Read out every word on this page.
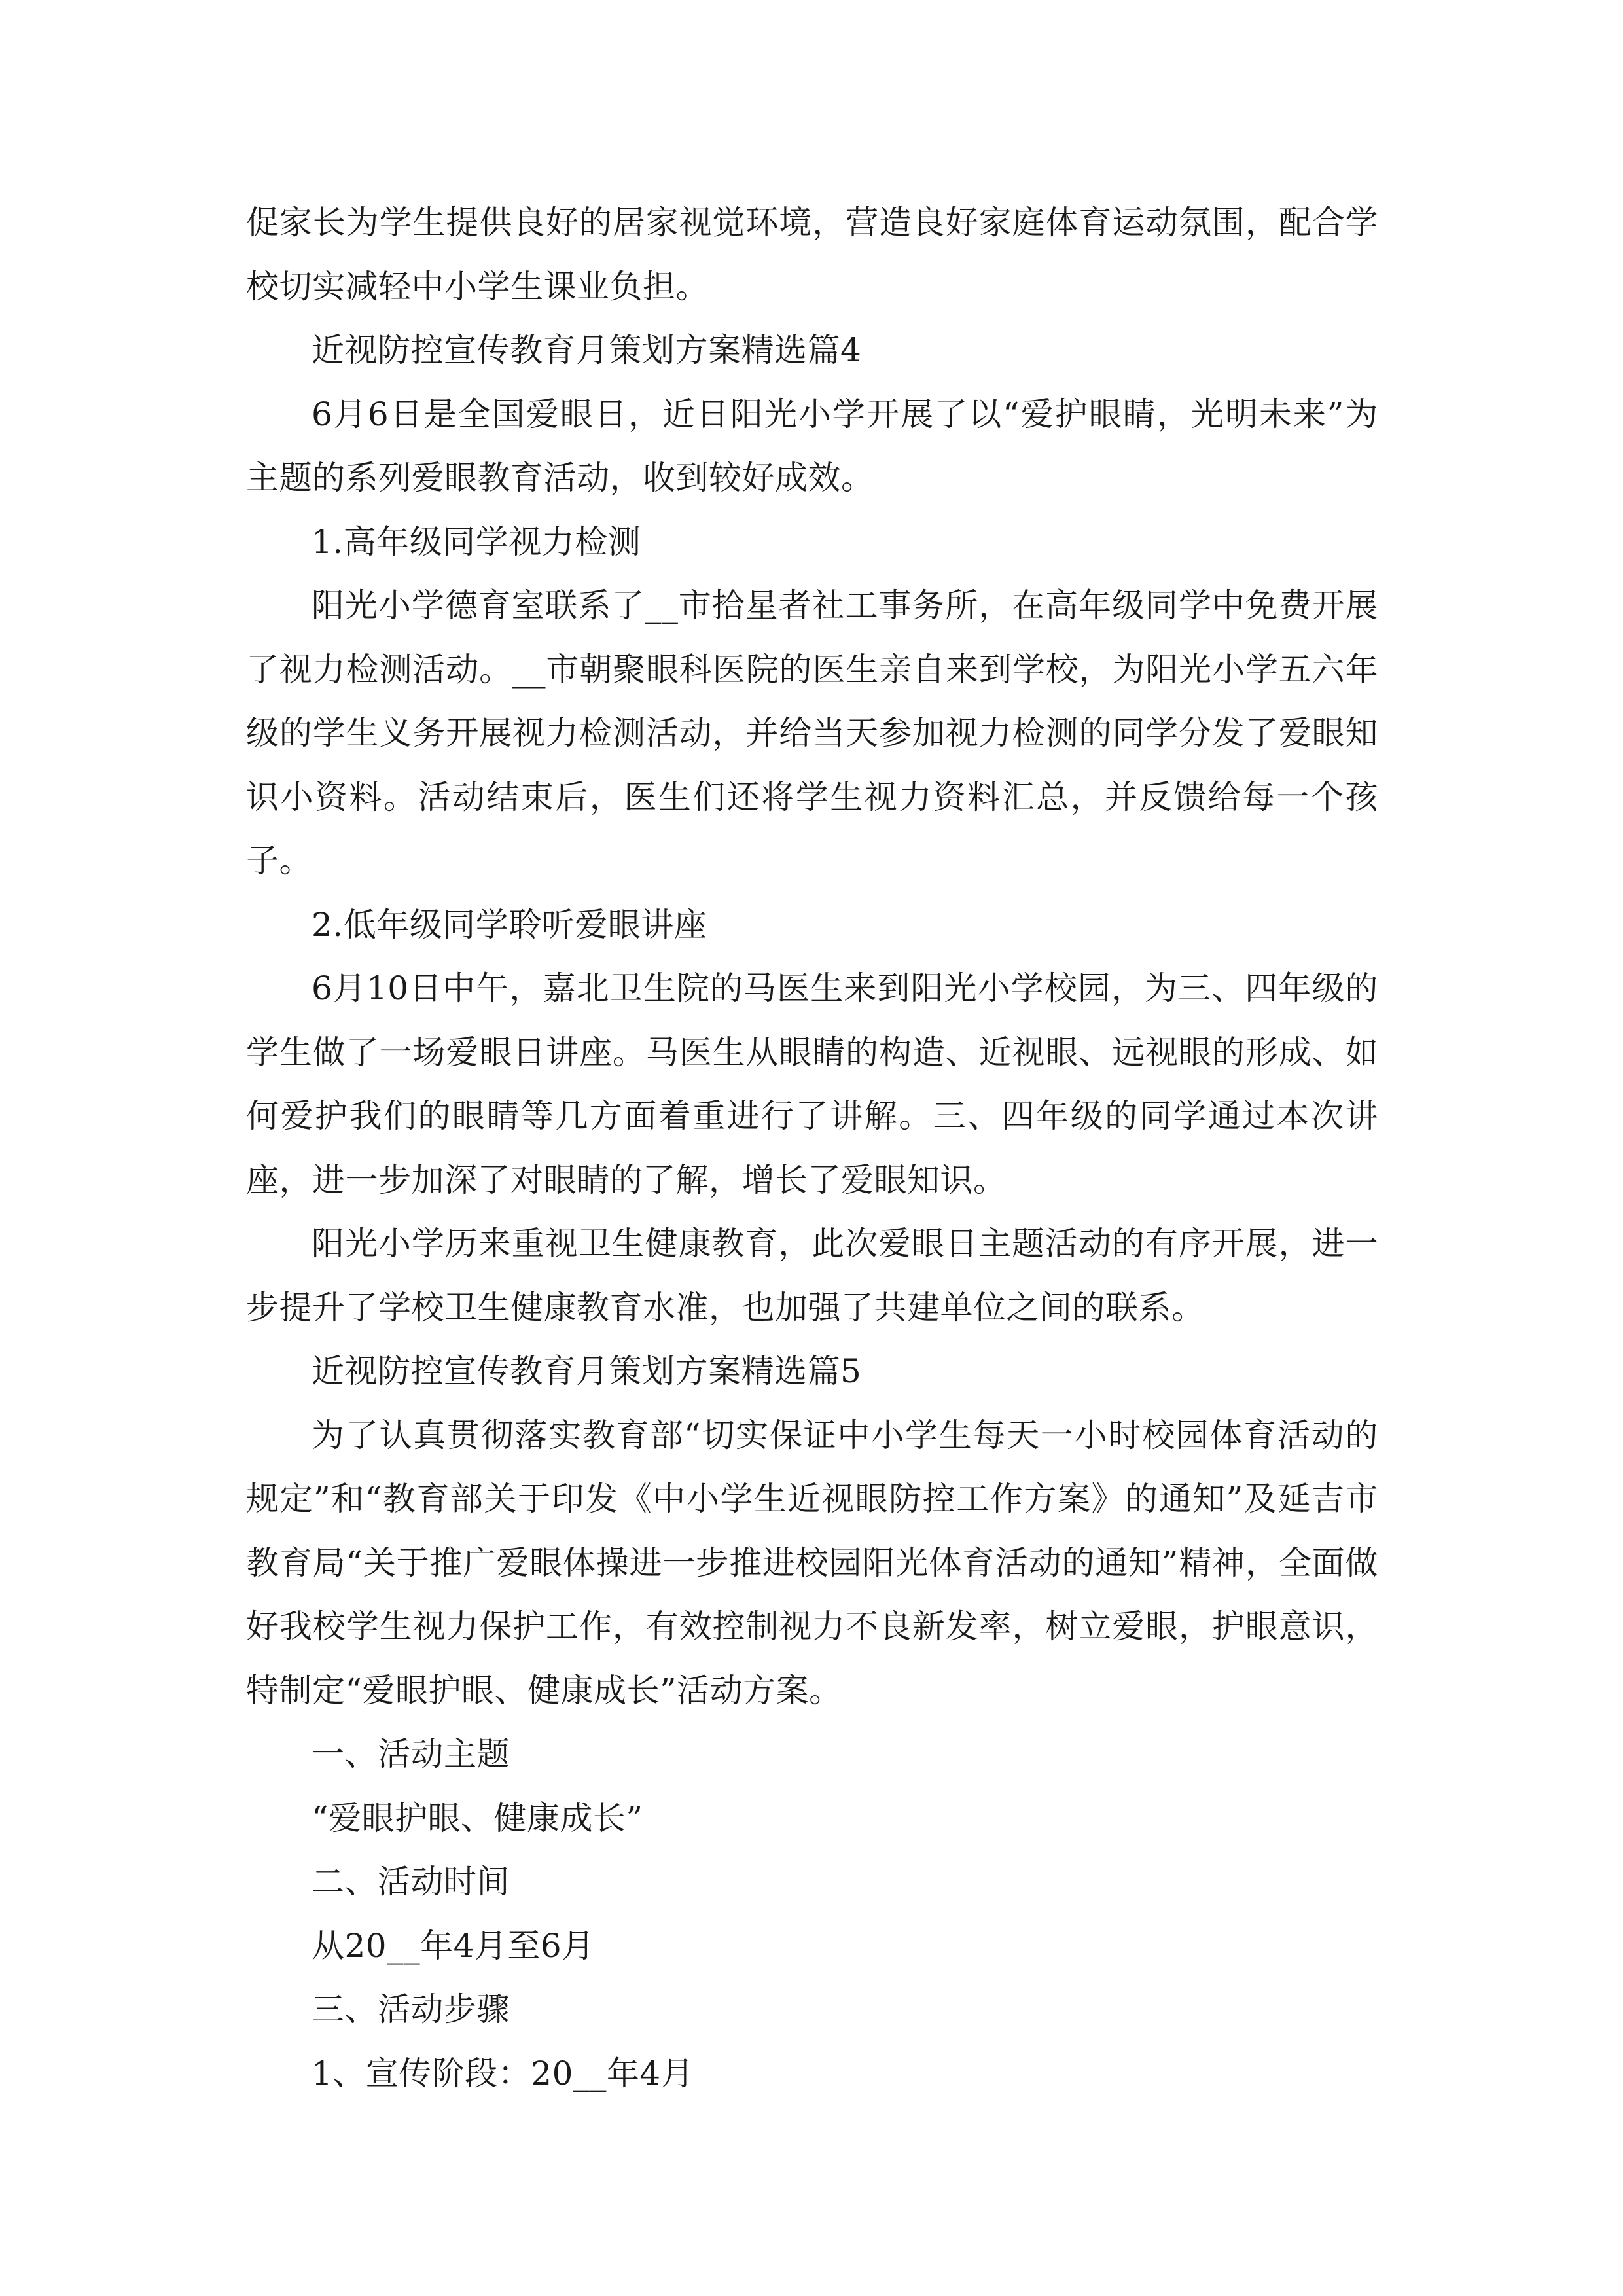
促家长为学生提供良好的居家视觉环境，营造良好家庭体育运动氛围，配合学校切实减轻中小学生课业负担。

近视防控宣传教育月策划方案精选篇4

6月6日是全国爱眼日，近日阳光小学开展了以“爱护眼睛，光明未来”为主题的系列爱眼教育活动，收到较好成效。

1.高年级同学视力检测

阳光小学德育室联系了__市拾星者社工事务所，在高年级同学中免费开展了视力检测活动。__市朝聚眼科医院的医生亲自来到学校，为阳光小学五六年级的学生义务开展视力检测活动，并给当天参加视力检测的同学分发了爱眼知识小资料。活动结束后，医生们还将学生视力资料汇总，并反馈给每一个孩子。

2.低年级同学聆听爱眼讲座

6月10日中午，嘉北卫生院的马医生来到阳光小学校园，为三、四年级的学生做了一场爱眼日讲座。马医生从眼睛的构造、近视眼、远视眼的形成、如何爱护我们的眼睛等几方面着重进行了讲解。三、四年级的同学通过本次讲座，进一步加深了对眼睛的了解，增长了爱眼知识。

阳光小学历来重视卫生健康教育，此次爱眼日主题活动的有序开展，进一步提升了学校卫生健康教育水准，也加强了共建单位之间的联系。

近视防控宣传教育月策划方案精选篇5

为了认真贯彻落实教育部“切实保证中小学生每天一小时校园体育活动的规定”和“教育部关于印发《中小学生近视眼防控工作方案》的通知”及延吉市教育局“关于推广爱眼体操进一步推进校园阳光体育活动的通知”精神，全面做好我校学生视力保护工作，有效控制视力不良新发率，树立爱眼，护眼意识，特制定“爱眼护眼、健康成长”活动方案。

一、活动主题

“爱眼护眼、健康成长”

二、活动时间

从20__年4月至6月

三、活动步骤

1、宣传阶段：20__年4月
